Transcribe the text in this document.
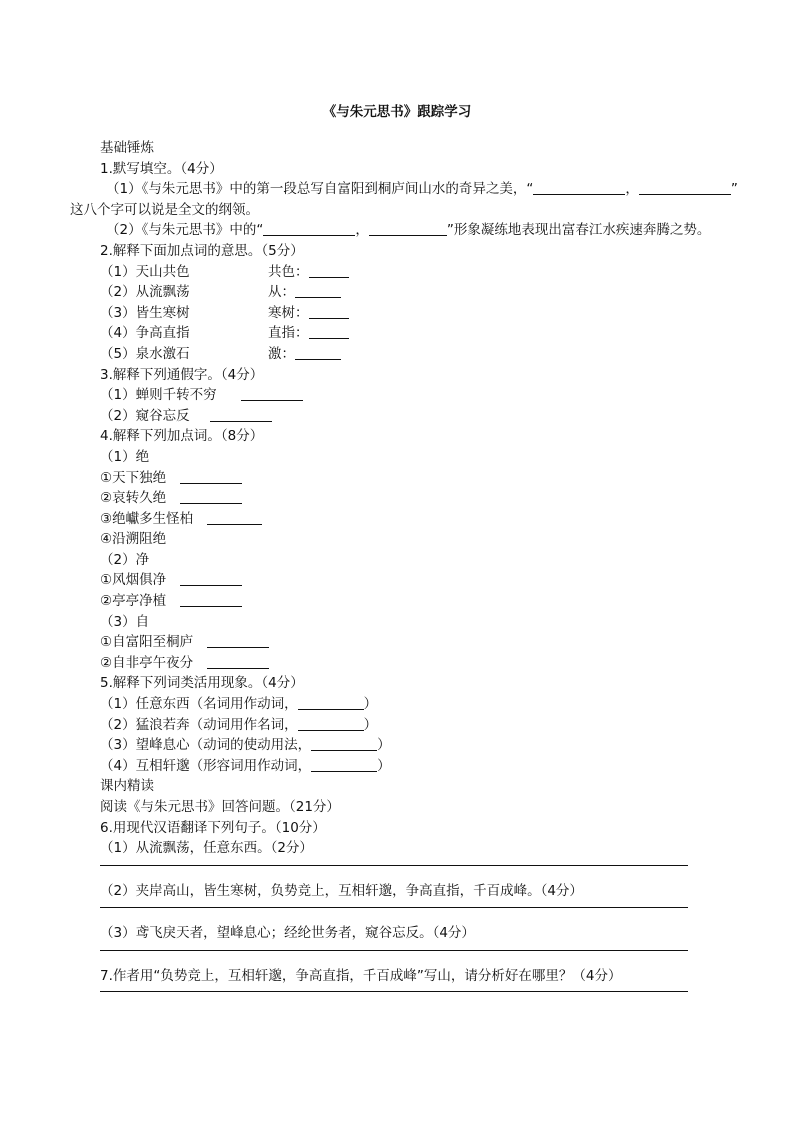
《与朱元思书》跟踪学习

基础锤炼
1.默写填空。（4分）
（1）《与朱元思书》中的第一段总写自富阳到桐庐间山水的奇异之美，“	，	”
这八个字可以说是全文的纲领。
（2）《与朱元思书》中的“	，	”形象凝练地表现出富春江水疾速奔腾之势。
2.解释下面加点词的意思。（5分）
（1）天山共色	共色：
（2）从流飘荡	从：
（3）皆生寒树	寒树：
（4）争高直指	直指：
（5）泉水激石	激：
3.解释下列通假字。（4分）
（1）蝉则千转不穷
（2）窥谷忘反
4.解释下列加点词。（8分）
（1）绝
①天下独绝
②哀转久绝
③绝巘多生怪柏
④沿溯阻绝
（2）净
①风烟俱净
②亭亭净植
（3）自
①自富阳至桐庐
②自非亭午夜分
5.解释下列词类活用现象。（4分）
（1）任意东西（名词用作动词，	）
（2）猛浪若奔（动词用作名词，	）
（3）望峰息心（动词的使动用法，	）
（4）互相轩邈（形容词用作动词，	）
课内精读
阅读《与朱元思书》回答问题。（21分）
6.用现代汉语翻译下列句子。（10分）
（1）从流飘荡，任意东西。（2分）
（2）夹岸高山，皆生寒树，负势竞上，互相轩邈，争高直指，千百成峰。（4分）
（3）鸢飞戾天者，望峰息心；经纶世务者，窥谷忘反。（4分）
7.作者用“负势竞上，互相轩邈，争高直指，千百成峰”写山，请分析好在哪里？（4分）
